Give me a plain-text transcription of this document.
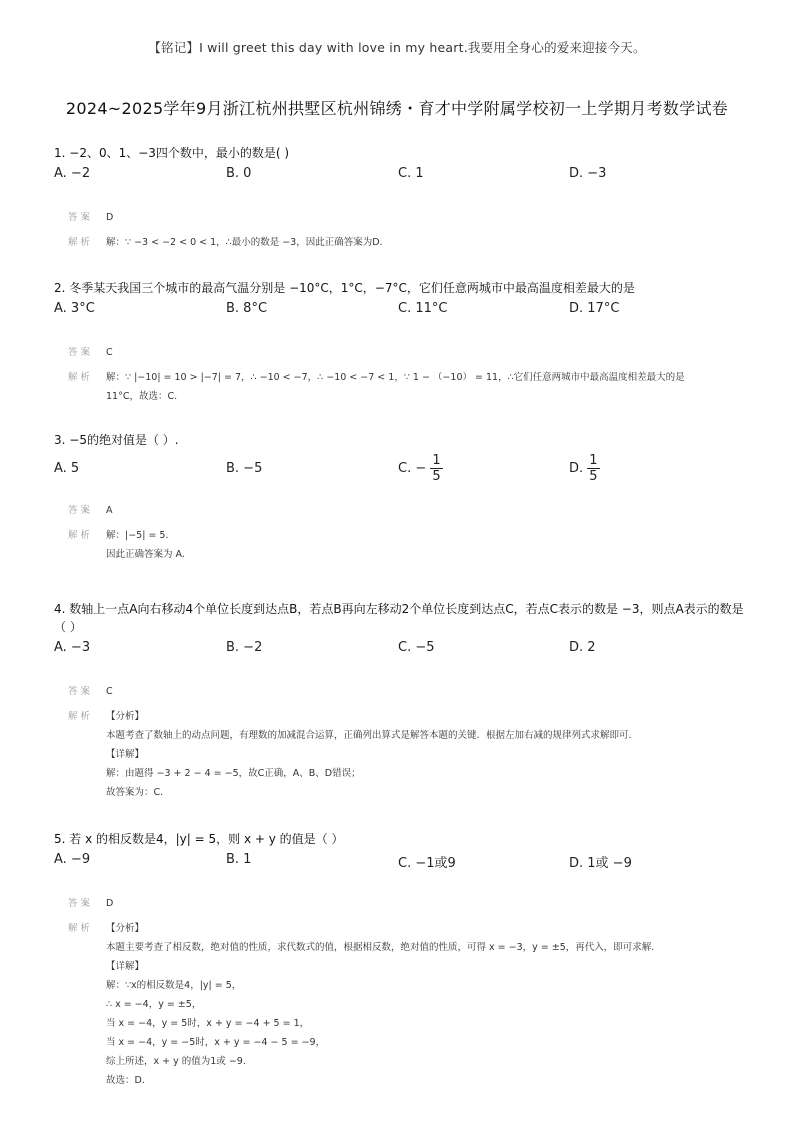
【铭记】I will greet this day with love in my heart.我要用全身心的爱来迎接今天。
2024~2025学年9月浙江杭州拱墅区杭州锦绣・育才中学附属学校初一上学期月考数学试卷
1. −2、0、1、−3四个数中，最小的数是( )
A. −2	B. 0	C. 1	D. −3
答案 D
解析 解：∵ −3 < −2 < 0 < 1，∴最小的数是 −3，因此正确答案为D.
2. 冬季某天我国三个城市的最高气温分别是 −10°C，1°C，−7°C，它们任意两城市中最高温度相差最大的是
A. 3°C	B. 8°C	C. 11°C	D. 17°C
答案 C
解析 解：∵ |−10| = 10 > |−7| = 7，∴ −10 < −7，∴ −10 < −7 < 1，∵ 1 − （−10） = 11，∴它们任意两城市中最高温度相差最大的是
11°C，故选：C.
3. −5的绝对值是（ ）.
A. 5	B. −5	C. − $\frac{1}{5}$	D. $\frac{1}{5}$
答案 A
解析 解：|−5| = 5.
因此正确答案为 A.
4. 数轴上一点A向右移动4个单位长度到达点B，若点B再向左移动2个单位长度到达点C，若点C表示的数是 −3，则点A表示的数是
（ ）
A. −3	B. −2	C. −5	D. 2
答案 C
解析 【分析】
本题考查了数轴上的动点问题，有理数的加减混合运算，正确列出算式是解答本题的关键．根据左加右减的规律列式求解即可．
【详解】
解：由题得 −3 + 2 − 4 = −5，故C正确，A、B、D错误；
故答案为：C.
5. 若 x 的相反数是4，|y| = 5，则 x + y 的值是（ ）
A. −9	B. 1	C. −1或9	D. 1或 −9
答案 D
解析 【分析】
本题主要考查了相反数，绝对值的性质，求代数式的值，根据相反数，绝对值的性质，可得 x = −3，y = ±5，再代入，即可求解.
【详解】
解：∵x的相反数是4，|y| = 5，
∴ x = −4，y = ±5，
当 x = −4，y = 5时，x + y = −4 + 5 = 1，
当 x = −4，y = −5时，x + y = −4 − 5 = −9，
综上所述，x + y 的值为1或 −9.
故选：D.
